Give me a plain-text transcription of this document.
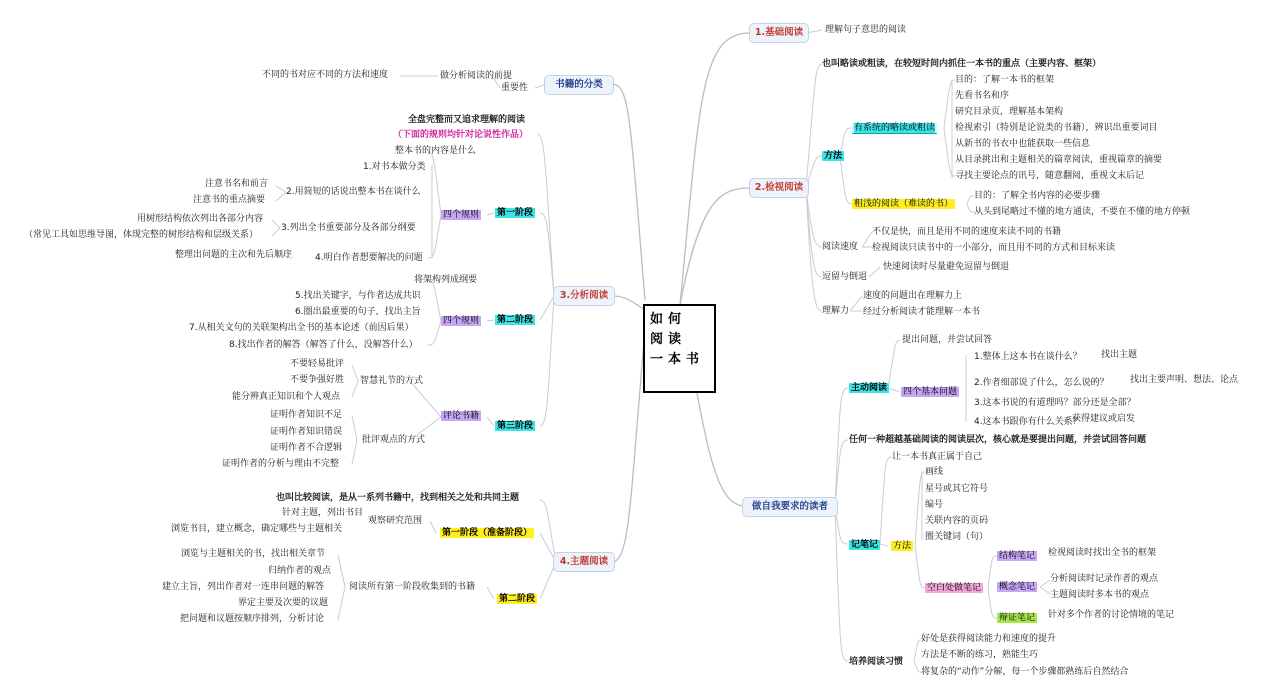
如何
阅读
一本书
1.基础阅读
2.检视阅读
书籍的分类
3.分析阅读
4.主题阅读
做自我要求的读者
理解句子意思的阅读
也叫略读或粗读，在较短时间内抓住一本书的重点（主要内容、框架）
方法
有系统的略读或粗读
目的：了解一本书的框架
先看书名和序
研究目录页，理解基本架构
检视索引（特别是论说类的书籍），辨识出重要词目
从新书的书衣中也能获取一些信息
从目录挑出和主题相关的篇章阅读，重视篇章的摘要
寻找主要论点的讯号，随意翻阅，重视文末后记
粗浅的阅读（难读的书）
目的：了解全书内容的必要步骤
从头到尾略过不懂的地方通读，不要在不懂的地方停顿
阅读速度
不仅是快，而且是用不同的速度来读不同的书籍
检视阅读只读书中的一小部分，而且用不同的方式和目标来读
逗留与倒退
快速阅读时尽量避免逗留与倒退
理解力
速度的问题出在理解力上
经过分析阅读才能理解一本书
重要性
做分析阅读的前提
不同的书对应不同的方法和速度
全盘完整而又追求理解的阅读
（下面的规则均针对论说性作品）
第一阶段
四个规则
整本书的内容是什么
1.对书本做分类
2.用简短的话说出整本书在谈什么
注意书名和前言
注意书的重点摘要
3.列出全书重要部分及各部分纲要
用树形结构依次列出各部分内容
（常见工具如思维导图，体现完整的树形结构和层级关系）
4.明白作者想要解决的问题
整理出问题的主次和先后顺序
第二阶段
四个规则
将架构列成纲要
5.找出关键字，与作者达成共识
6.圈出最重要的句子，找出主旨
7.从相关文句的关联架构出全书的基本论述（前因后果）
8.找出作者的解答（解答了什么，没解答什么）
第三阶段
评论书籍
智慧礼节的方式
不要轻易批评
不要争强好胜
能分辨真正知识和个人观点
批评观点的方式
证明作者知识不足
证明作者知识错误
证明作者不合逻辑
证明作者的分析与理由不完整
也叫比较阅读，是从一系列书籍中，找到相关之处和共同主题
第一阶段（准备阶段）
观察研究范围
针对主题，列出书目
浏览书目，建立概念，确定哪些与主题相关
第二阶段
阅读所有第一阶段收集到的书籍
浏览与主题相关的书，找出相关章节
归纳作者的观点
建立主旨，列出作者对一连串问题的解答
界定主要及次要的议题
把问题和议题按顺序排列，分析讨论
主动阅读
提出问题，并尝试回答
四个基本问题
1.整体上这本书在谈什么？ 找出主题
2.作者细部说了什么，怎么说的？ 找出主要声明、想法、论点
3.这本书说的有道理吗？部分还是全部？
4.这本书跟你有什么关系？
获得建议或启发
任何一种超越基础阅读的阅读层次，核心就是要提出问题，并尝试回答问题
记笔记
让一本书真正属于自己
方法
画线
星号或其它符号
编号
关联内容的页码
圈关键词（句）
空白处做笔记
结构笔记 检视阅读时找出全书的框架
概念笔记
分析阅读时记录作者的观点
主题阅读时多本书的观点
辩证笔记 针对多个作者的讨论情境的笔记
培养阅读习惯
好处是获得阅读能力和速度的提升
方法是不断的练习，熟能生巧
将复杂的“动作”分解，每一个步骤都熟练后自然结合
